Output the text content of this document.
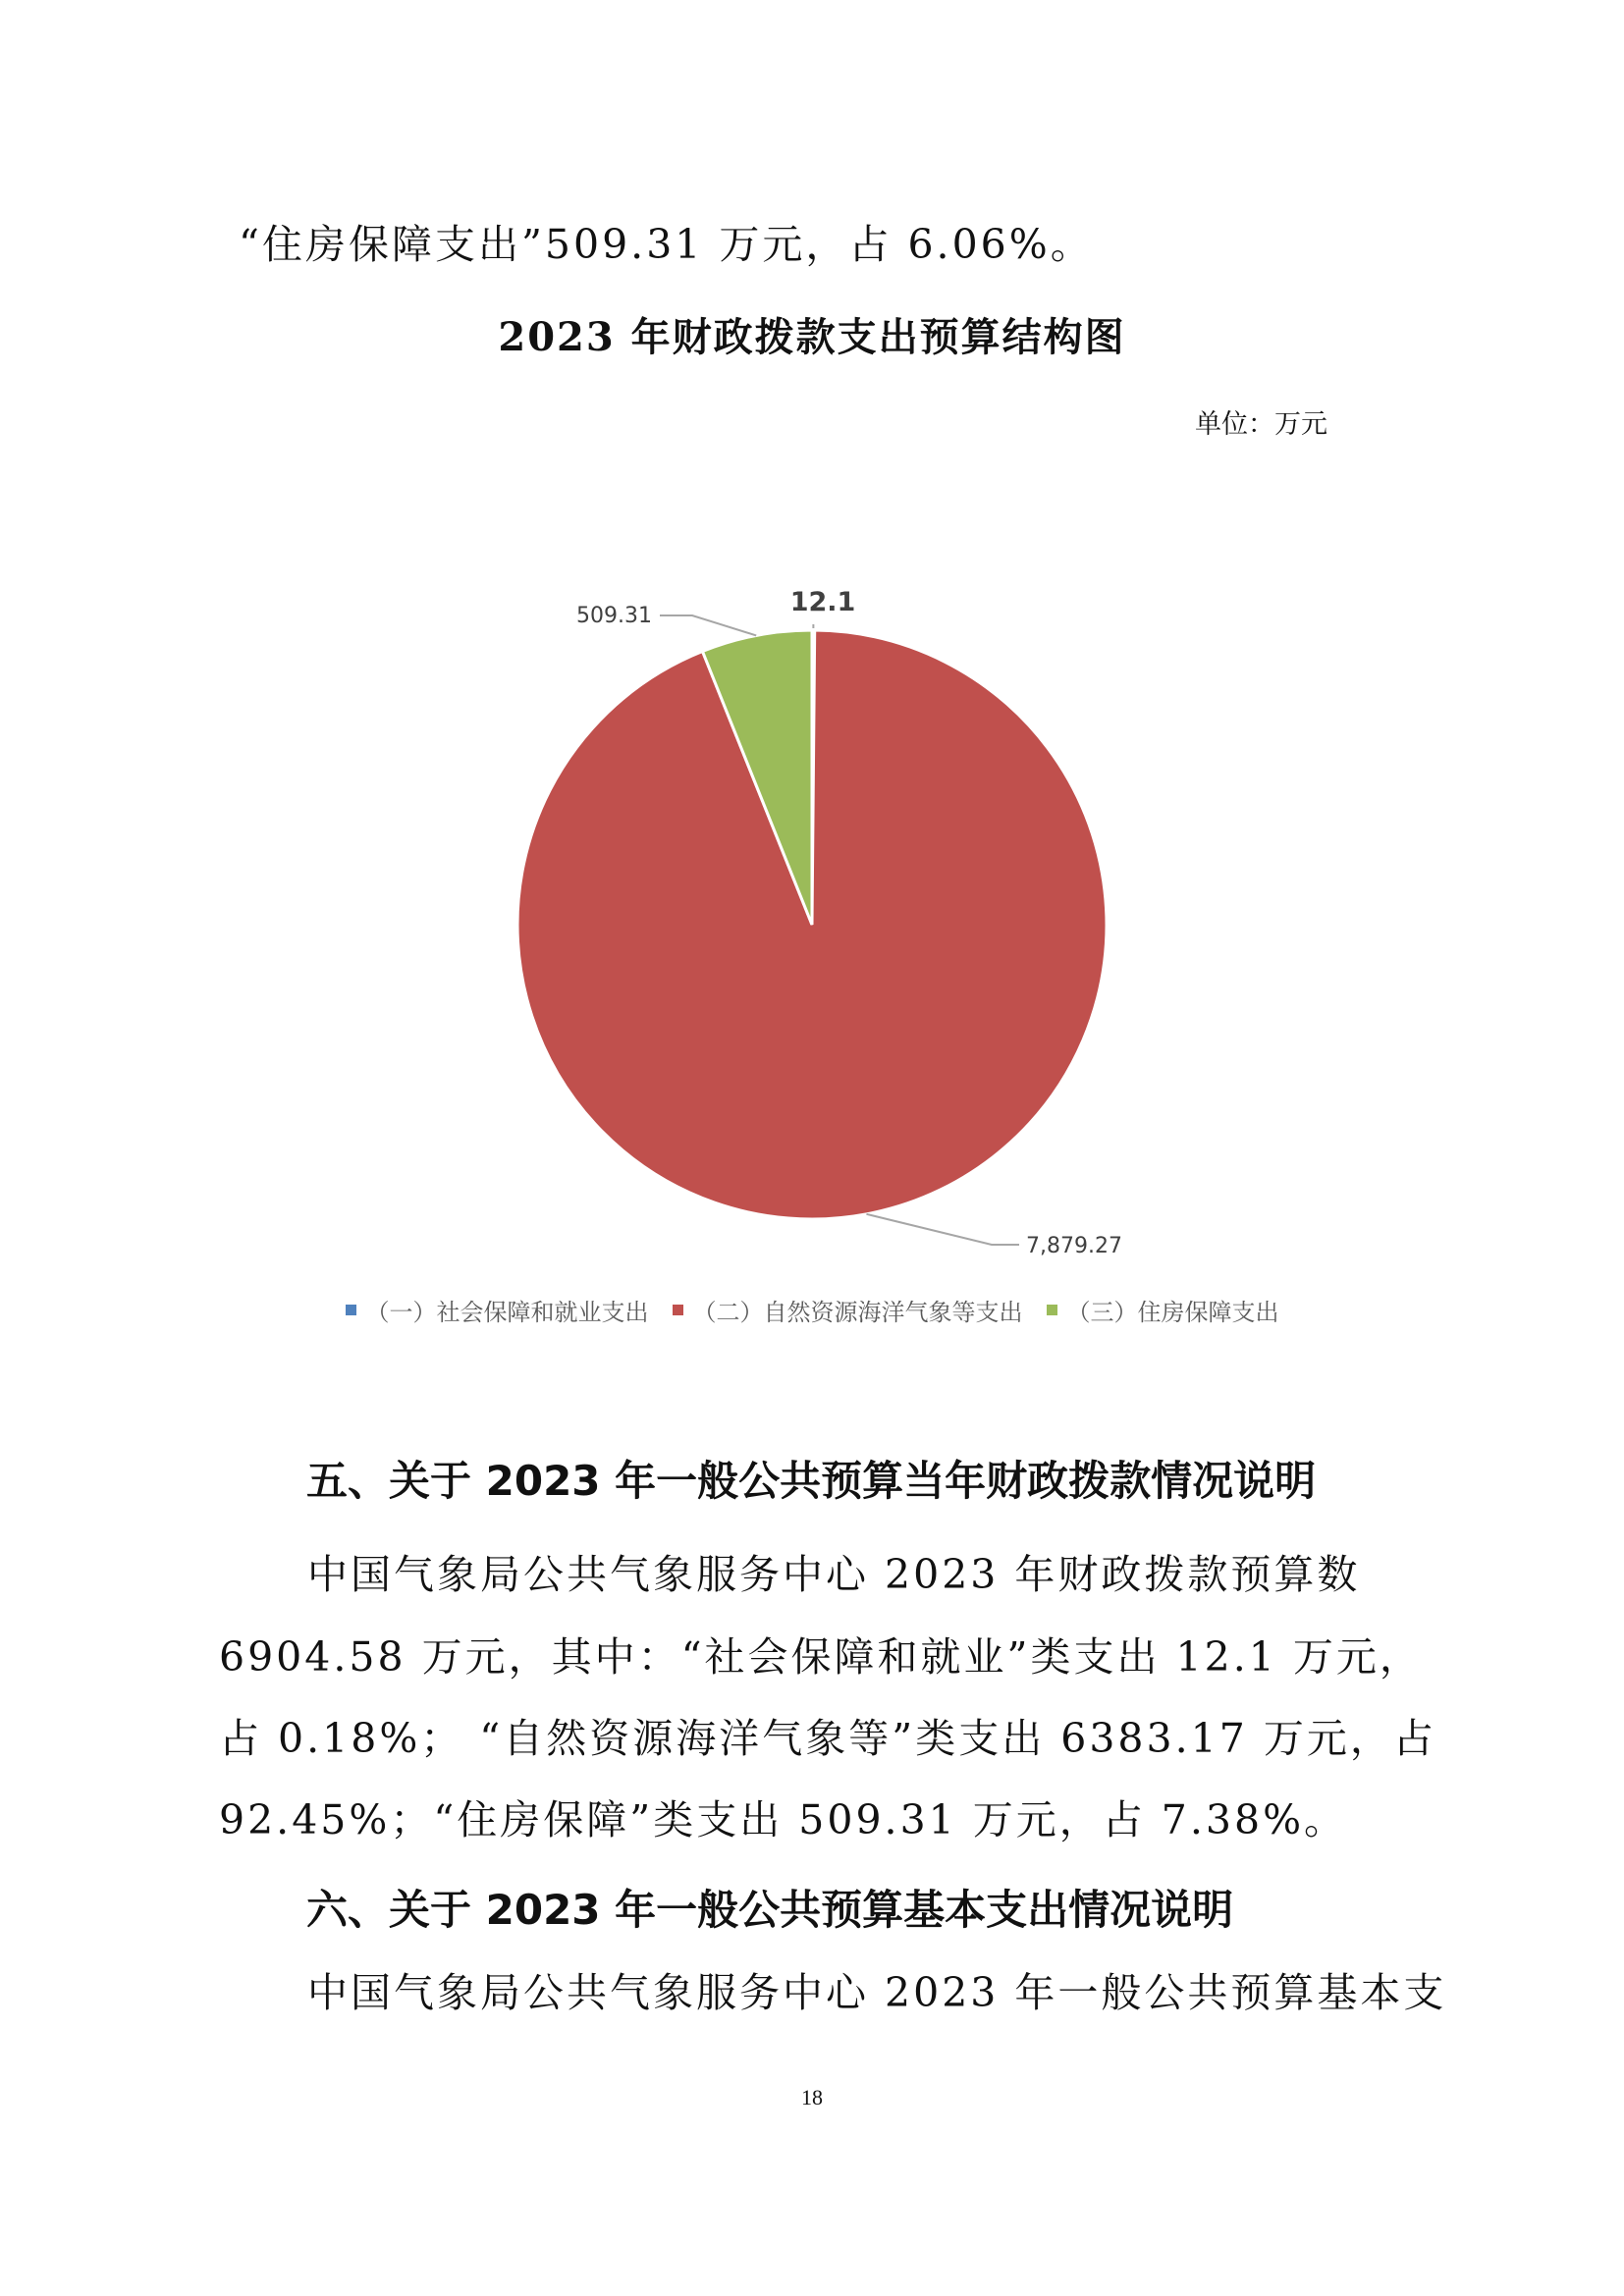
“住房保障支出”509.31 万元，占 6.06%。
2023 年财政拨款支出预算结构图
单位：万元
12.1
7,879.27
509.31
（一）社会保障和就业支出 （二）自然资源海洋气象等支出 （三）住房保障支出
五、关于 2023 年一般公共预算当年财政拨款情况说明
中国气象局公共气象服务中心 2023 年财政拨款预算数
6904.58 万元，其中：“社会保障和就业”类支出 12.1 万元，
占 0.18%； “自然资源海洋气象等”类支出 6383.17 万元，占
92.45%；“住房保障”类支出 509.31 万元，占 7.38%。
六、关于 2023 年一般公共预算基本支出情况说明
中国气象局公共气象服务中心 2023 年一般公共预算基本支
18
